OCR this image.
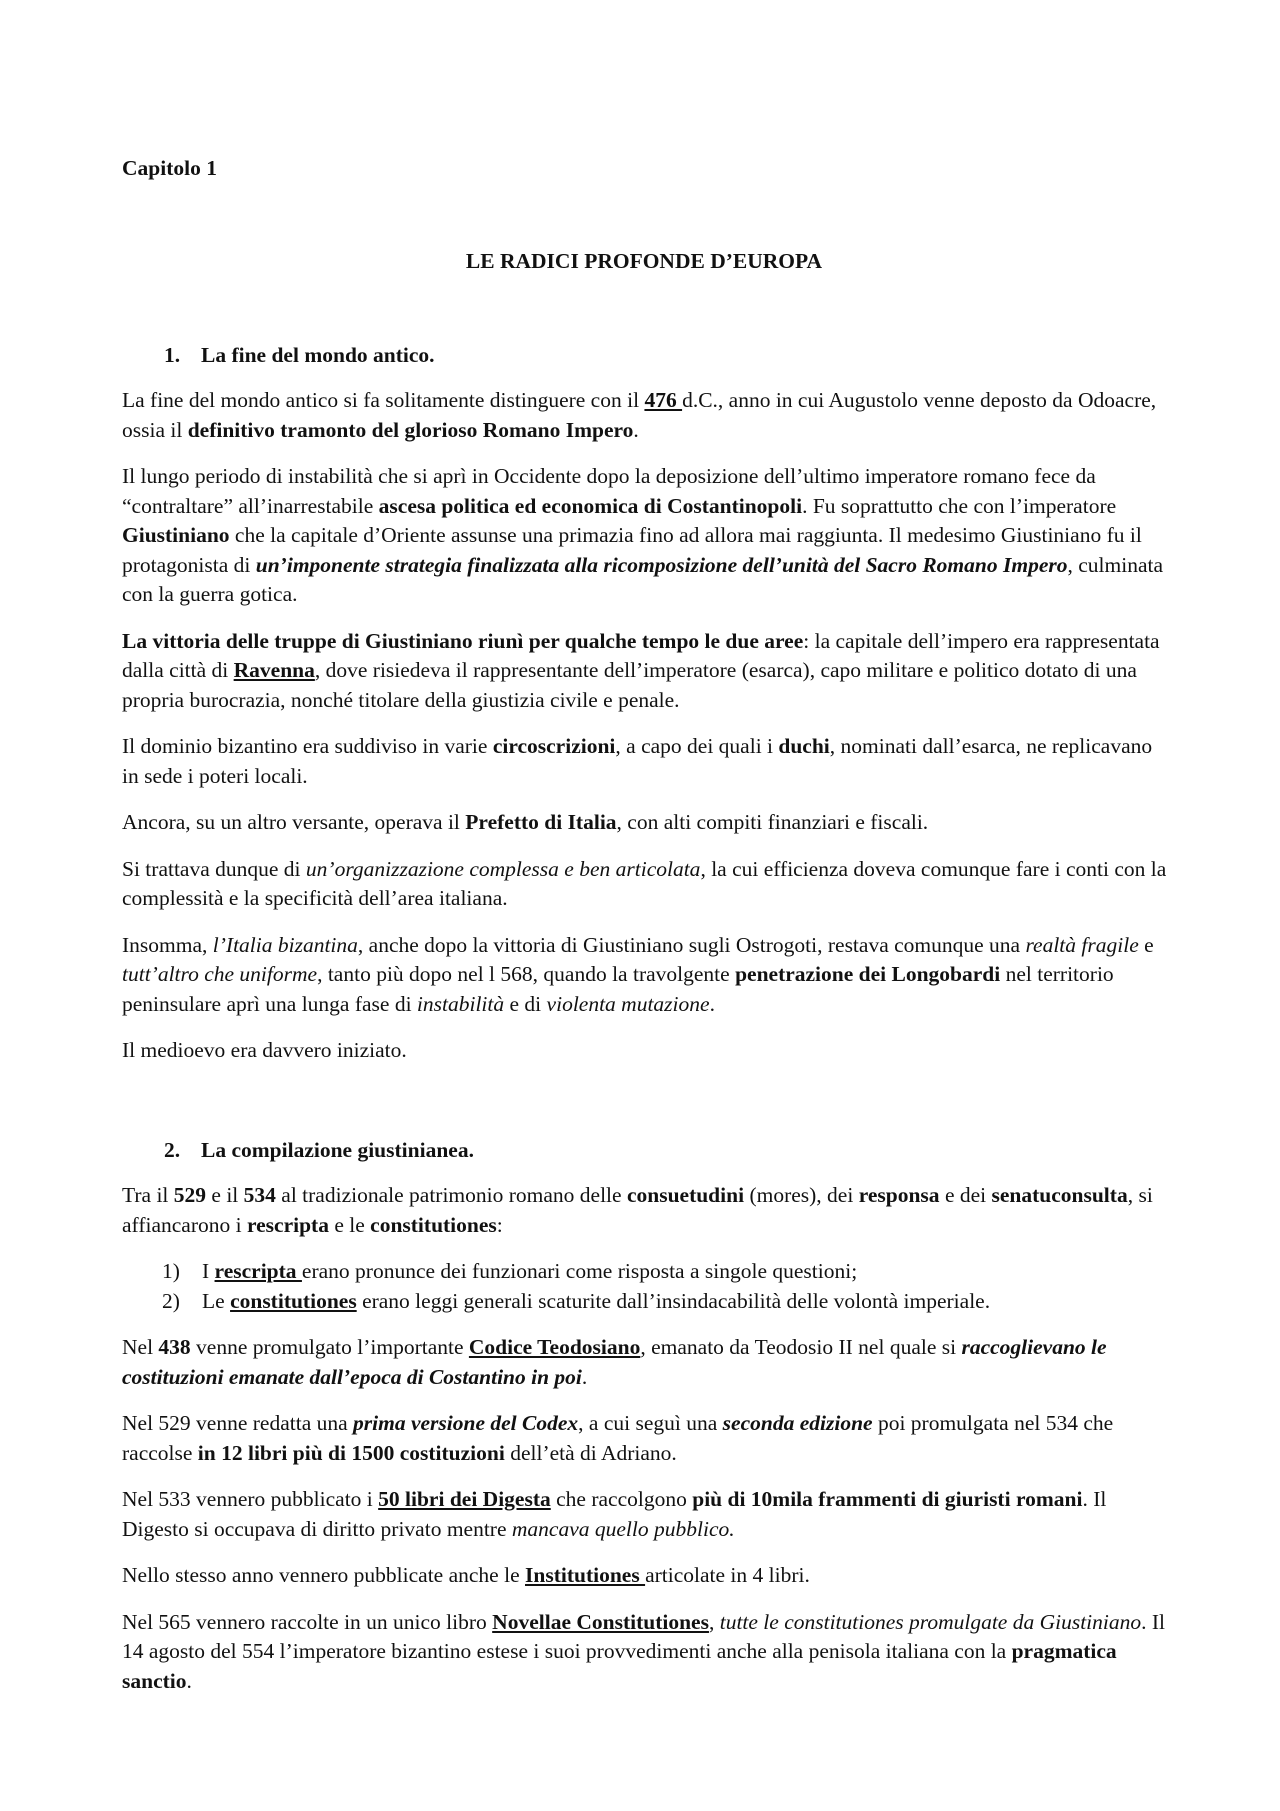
Capitolo 1

LE RADICI PROFONDE D’EUROPA

1. La fine del mondo antico.

La fine del mondo antico si fa solitamente distinguere con il 476 d.C., anno in cui Augustolo venne deposto da Odoacre, ossia il definitivo tramonto del glorioso Romano Impero.

Il lungo periodo di instabilità che si aprì in Occidente dopo la deposizione dell’ultimo imperatore romano fece da “contraltare” all’inarrestabile ascesa politica ed economica di Costantinopoli. Fu soprattutto che con l’imperatore Giustiniano che la capitale d’Oriente assunse una primazia fino ad allora mai raggiunta. Il medesimo Giustiniano fu il protagonista di un’imponente strategia finalizzata alla ricomposizione dell’unità del Sacro Romano Impero, culminata con la guerra gotica.

La vittoria delle truppe di Giustiniano riunì per qualche tempo le due aree: la capitale dell’impero era rappresentata dalla città di Ravenna, dove risiedeva il rappresentante dell’imperatore (esarca), capo militare e politico dotato di una propria burocrazia, nonché titolare della giustizia civile e penale.

Il dominio bizantino era suddiviso in varie circoscrizioni, a capo dei quali i duchi, nominati dall’esarca, ne replicavano in sede i poteri locali.

Ancora, su un altro versante, operava il Prefetto di Italia, con alti compiti finanziari e fiscali.

Si trattava dunque di un’organizzazione complessa e ben articolata, la cui efficienza doveva comunque fare i conti con la complessità e la specificità dell’area italiana.

Insomma, l’Italia bizantina, anche dopo la vittoria di Giustiniano sugli Ostrogoti, restava comunque una realtà fragile e tutt’altro che uniforme, tanto più dopo nel l 568, quando la travolgente penetrazione dei Longobardi nel territorio peninsulare aprì una lunga fase di instabilità e di violenta mutazione.

Il medioevo era davvero iniziato.

2. La compilazione giustinianea.

Tra il 529 e il 534 al tradizionale patrimonio romano delle consuetudini (mores), dei responsa e dei senatuconsulta, si affiancarono i rescripta e le constitutiones:

1)	I rescripta erano pronunce dei funzionari come risposta a singole questioni;
2)	Le constitutiones erano leggi generali scaturite dall’insindacabilità delle volontà imperiale.

Nel 438 venne promulgato l’importante Codice Teodosiano, emanato da Teodosio II nel quale si raccoglievano le costituzioni emanate dall’epoca di Costantino in poi.

Nel 529 venne redatta una prima versione del Codex, a cui seguì una seconda edizione poi promulgata nel 534 che raccolse in 12 libri più di 1500 costituzioni dell’età di Adriano.

Nel 533 vennero pubblicato i 50 libri dei Digesta che raccolgono più di 10mila frammenti di giuristi romani. Il Digesto si occupava di diritto privato mentre mancava quello pubblico.

Nello stesso anno vennero pubblicate anche le Institutiones articolate in 4 libri.

Nel 565 vennero raccolte in un unico libro Novellae Constitutiones, tutte le constitutiones promulgate da Giustiniano. Il 14 agosto del 554 l’imperatore bizantino estese i suoi provvedimenti anche alla penisola italiana con la pragmatica sanctio.
